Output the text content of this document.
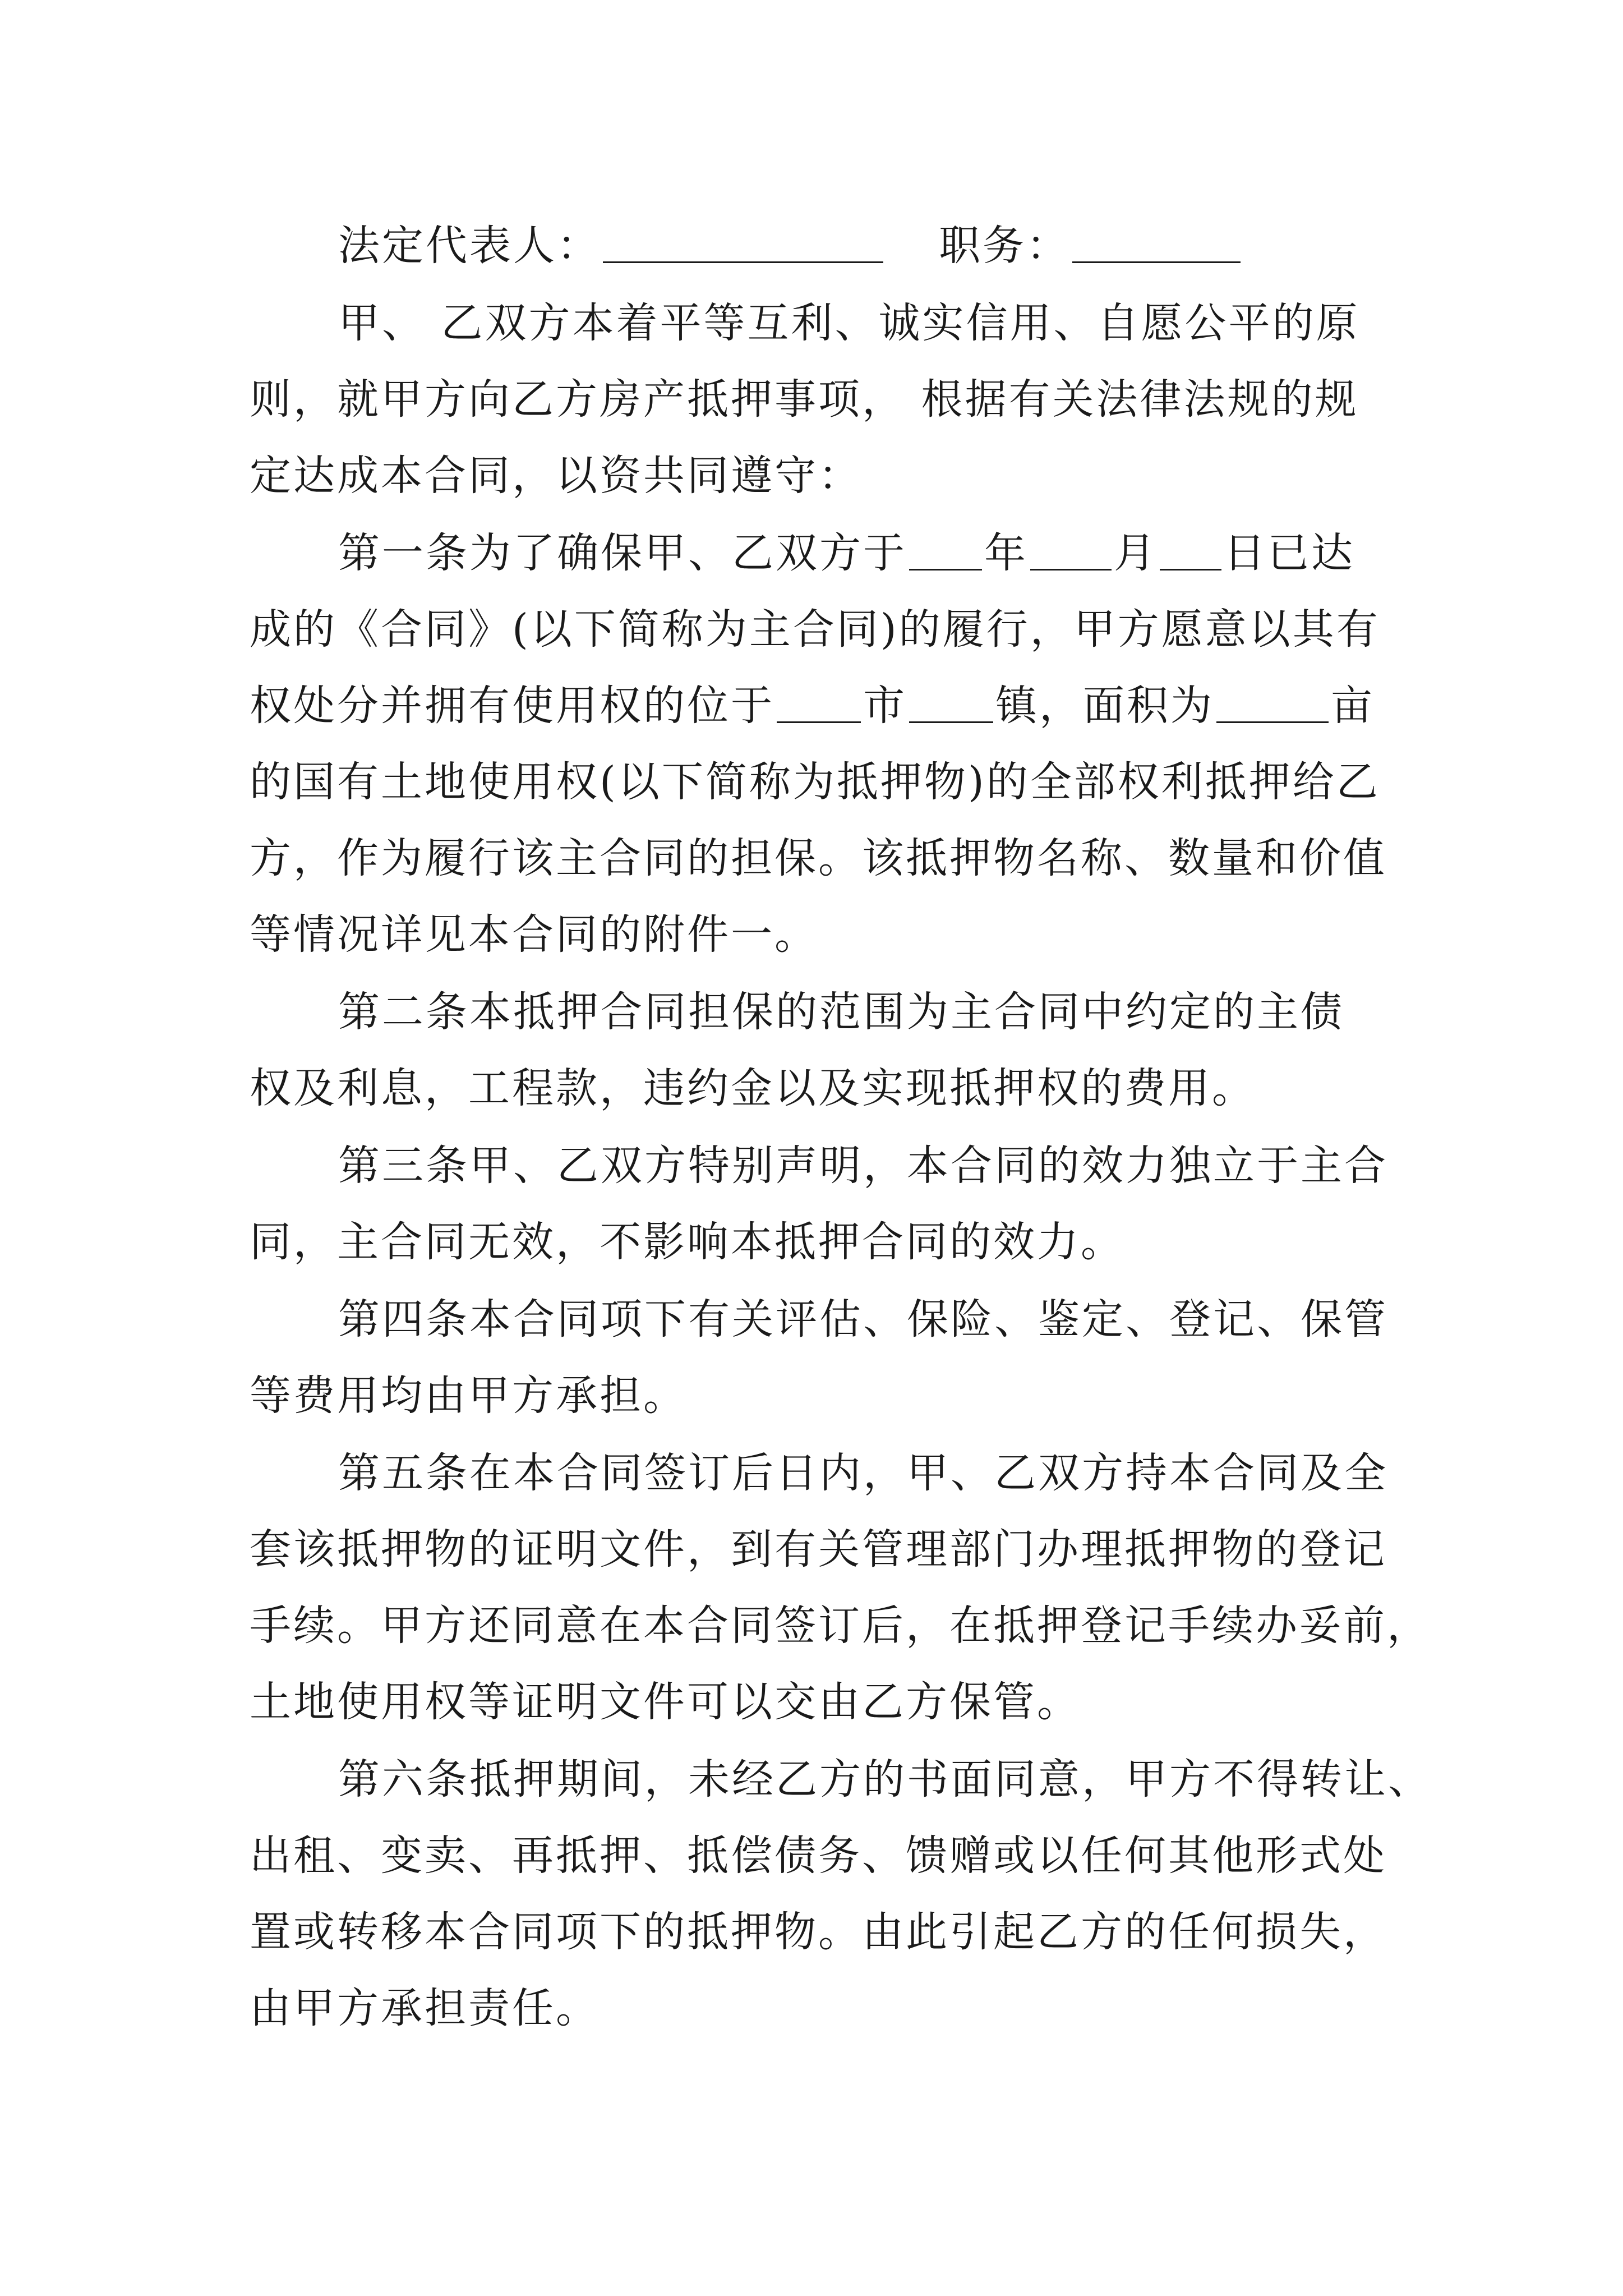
法定代表人：	职务：

甲、 乙双方本着平等互利、诚实信用、自愿公平的原
则，就甲方向乙方房产抵押事项， 根据有关法律法规的规
定达成本合同，以资共同遵守：

第一条为了确保甲、乙双方于 年 月 日已达
成的《合同》(以下简称为主合同)的履行，甲方愿意以其有
权处分并拥有使用权的位于 市 镇，面积为	亩
的国有土地使用权(以下简称为抵押物)的全部权利抵押给乙
方，作为履行该主合同的担保。该抵押物名称、数量和价值
等情况详见本合同的附件一。

第二条本抵押合同担保的范围为主合同中约定的主债
权及利息，工程款，违约金以及实现抵押权的费用。

第三条甲、乙双方特别声明，本合同的效力独立于主合
同，主合同无效，不影响本抵押合同的效力。

第四条本合同项下有关评估、保险、鉴定、登记、保管
等费用均由甲方承担。

第五条在本合同签订后日内，甲、乙双方持本合同及全
套该抵押物的证明文件，到有关管理部门办理抵押物的登记
手续。甲方还同意在本合同签订后，在抵押登记手续办妥前，
土地使用权等证明文件可以交由乙方保管。

第六条抵押期间，未经乙方的书面同意，甲方不得转让、
出租、变卖、再抵押、抵偿债务、馈赠或以任何其他形式处
置或转移本合同项下的抵押物。由此引起乙方的任何损失，
由甲方承担责任。
